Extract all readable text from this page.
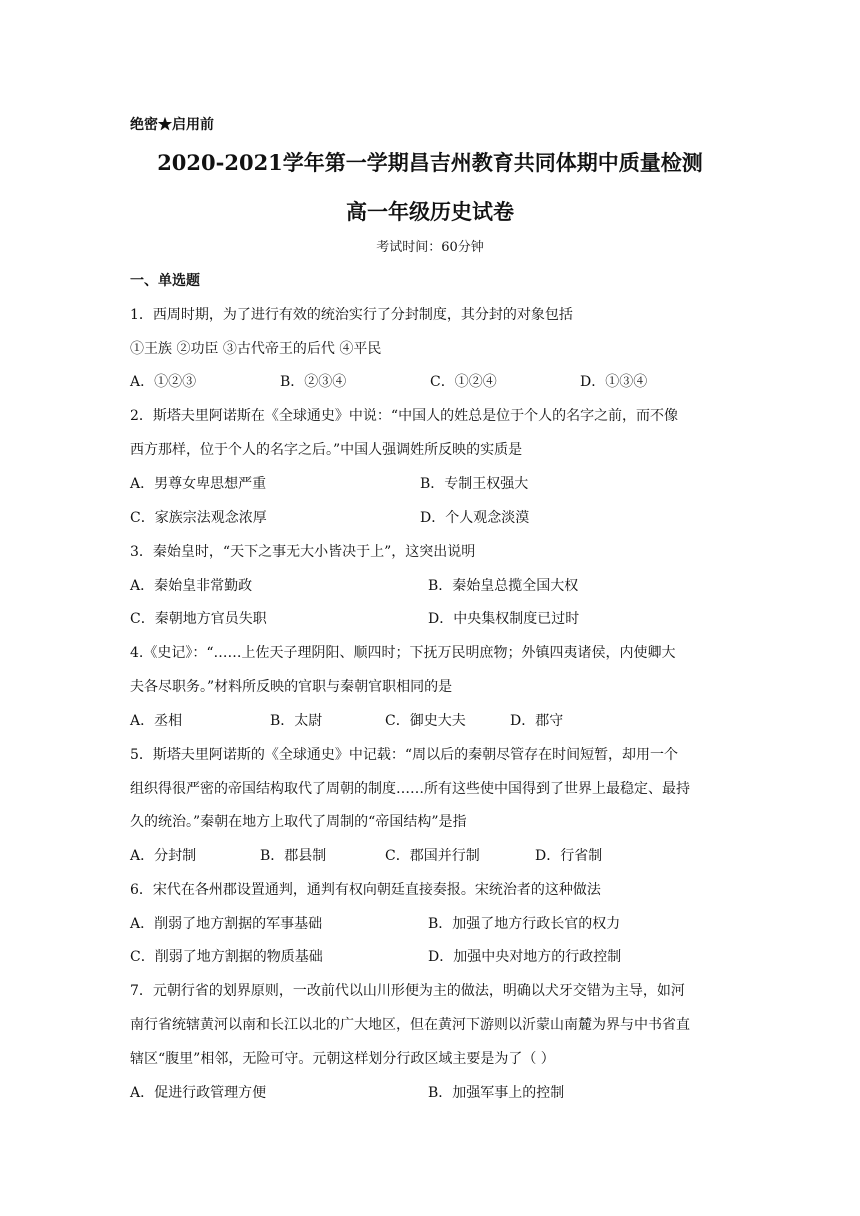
绝密★启用前
2020-2021学年第一学期昌吉州教育共同体期中质量检测
高一年级历史试卷
考试时间：60分钟
一、单选题
1．西周时期，为了进行有效的统治实行了分封制度，其分封的对象包括
①王族 ②功臣 ③古代帝王的后代 ④平民
A．①②③	B．②③④	C．①②④	D．①③④
2．斯塔夫里阿诺斯在《全球通史》中说：“中国人的姓总是位于个人的名字之前，而不像
西方那样，位于个人的名字之后。”中国人强调姓所反映的实质是
A．男尊女卑思想严重	B．专制王权强大
C．家族宗法观念浓厚	D．个人观念淡漠
3．秦始皇时，“天下之事无大小皆决于上”，这突出说明
A．秦始皇非常勤政	B．秦始皇总揽全国大权
C．秦朝地方官员失职	D．中央集权制度已过时
4.《史记》：“……上佐天子理阴阳、顺四时；下抚万民明庶物；外镇四夷诸侯，内使卿大
夫各尽职务。”材料所反映的官职与秦朝官职相同的是
A．丞相	B．太尉	C．御史大夫	D．郡守
5．斯塔夫里阿诺斯的《全球通史》中记载：“周以后的秦朝尽管存在时间短暂，却用一个
组织得很严密的帝国结构取代了周朝的制度……所有这些使中国得到了世界上最稳定、最持
久的统治。”秦朝在地方上取代了周制的“帝国结构”是指
A．分封制	B．郡县制	C．郡国并行制	D．行省制
6．宋代在各州郡设置通判，通判有权向朝廷直接奏报。宋统治者的这种做法
A．削弱了地方割据的军事基础	B．加强了地方行政长官的权力
C．削弱了地方割据的物质基础	D．加强中央对地方的行政控制
7．元朝行省的划界原则，一改前代以山川形便为主的做法，明确以犬牙交错为主导，如河
南行省统辖黄河以南和长江以北的广大地区，但在黄河下游则以沂蒙山南麓为界与中书省直
辖区“腹里”相邻，无险可守。元朝这样划分行政区域主要是为了（ ）
A．促进行政管理方便	B．加强军事上的控制
